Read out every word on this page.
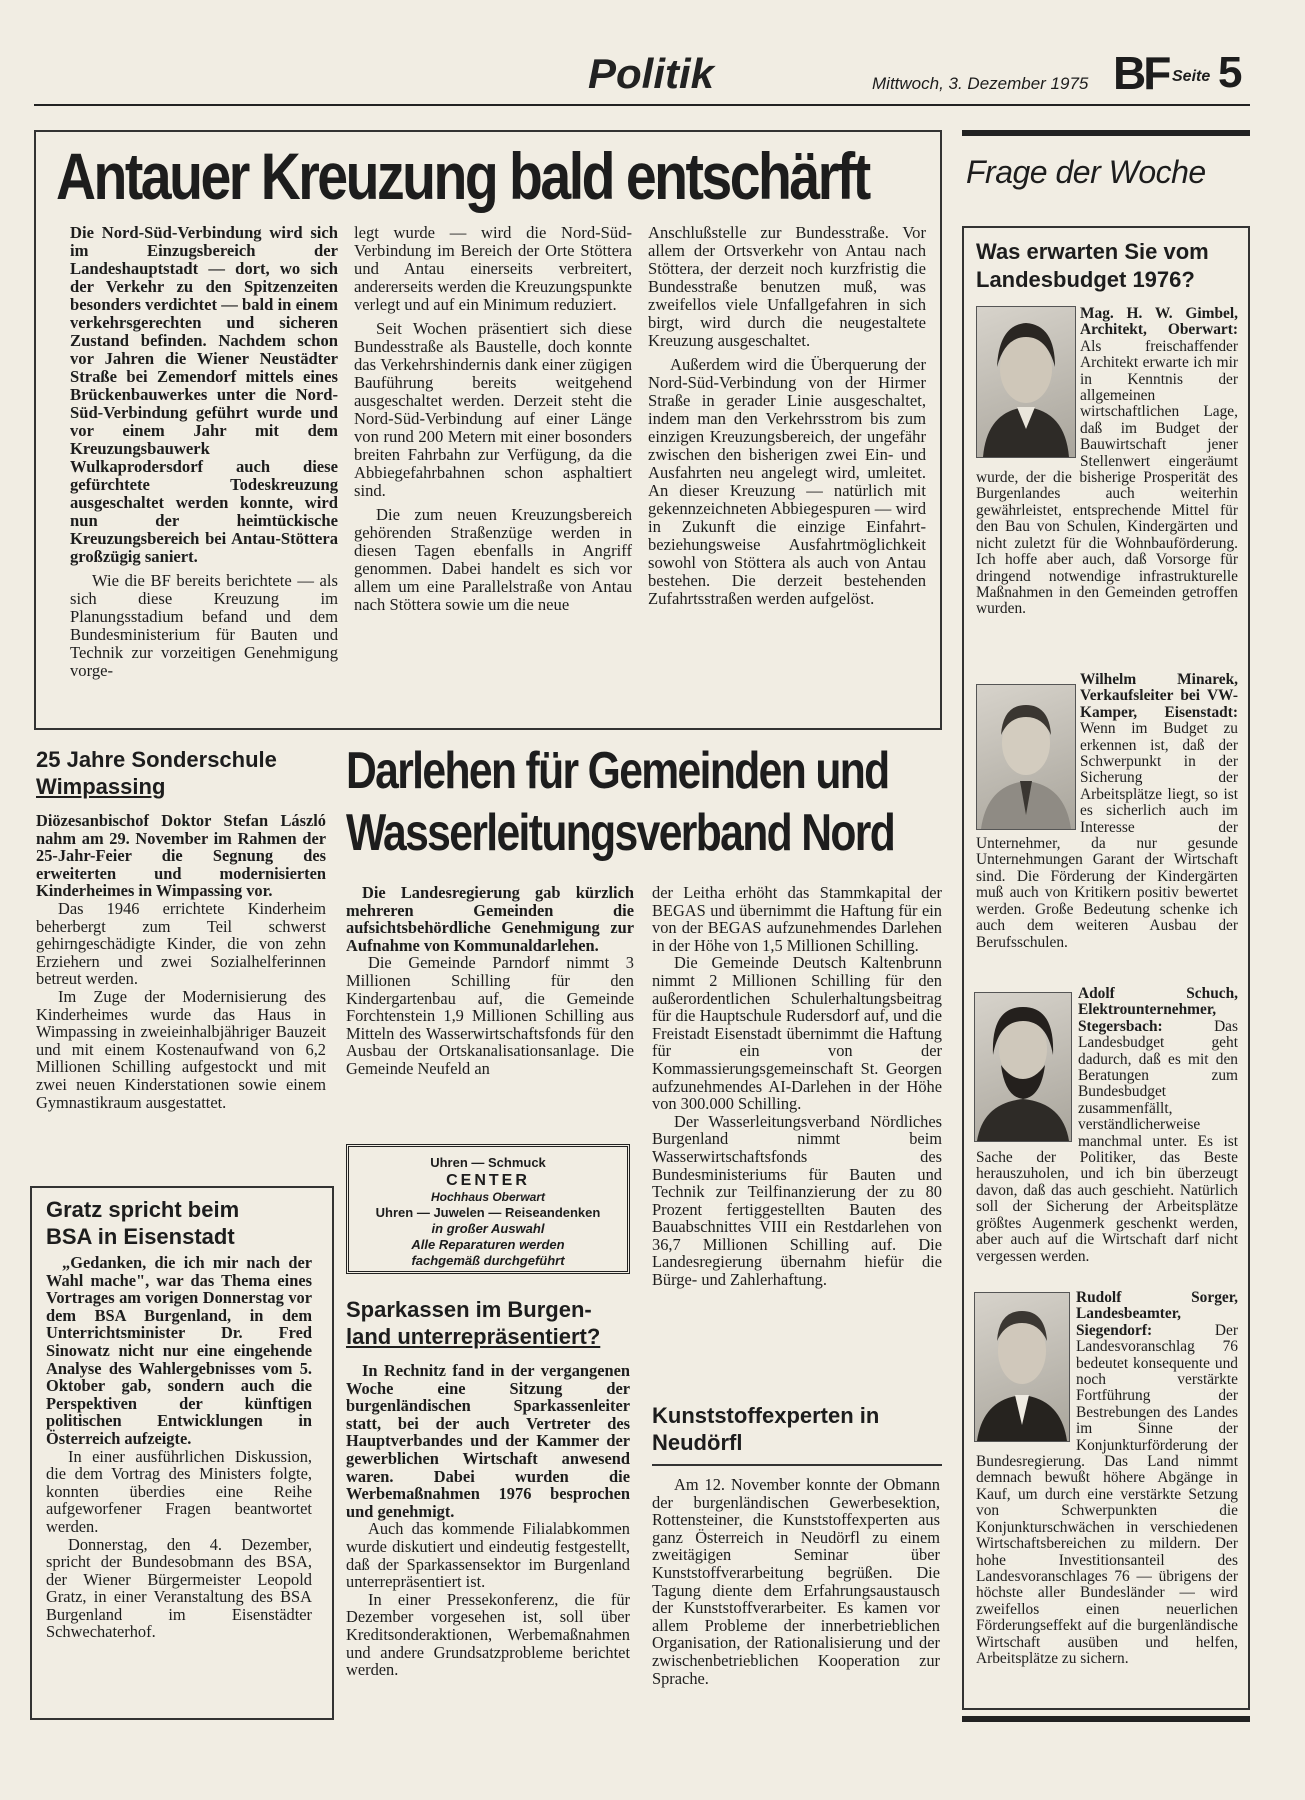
Politik	Mittwoch, 3. Dezember 1975 BF Seite 5
Antauer Kreuzung bald entschärft

Die Nord-Süd-Verbindung wird sich im Einzugsbereich der Landeshauptstadt — dort, wo sich der Verkehr zu den Spitzenzeiten besonders verdichtet — bald in einem verkehrsgerechten und sicheren Zustand befinden. Nachdem schon vor Jahren die Wiener Neustädter Straße bei Zemendorf mittels eines Brückenbauwerkes unter die Nord-Süd-Verbindung geführt wurde und vor einem Jahr mit dem Kreuzungsbauwerk Wulkaprodersdorf auch diese gefürchtete Todeskreuzung ausgeschaltet werden konnte, wird nun der heimtückische Kreuzungsbereich bei Antau-Stöttera großzügig saniert.

Wie die BF bereits berichtete — als sich diese Kreuzung im Planungsstadium befand und dem Bundesministerium für Bauten und Technik zur vorzeitigen Genehmigung vorge-

legt wurde — wird die Nord-Süd-Verbindung im Bereich der Orte Stöttera und Antau einerseits verbreitert, andererseits werden die Kreuzungspunkte verlegt und auf ein Minimum reduziert.

Seit Wochen präsentiert sich diese Bundesstraße als Baustelle, doch konnte das Verkehrshindernis dank einer zügigen Bauführung bereits weitgehend ausgeschaltet werden. Derzeit steht die Nord-Süd-Verbindung auf einer Länge von rund 200 Metern mit einer bosonders breiten Fahrbahn zur Verfügung, da die Abbiegefahrbahnen schon asphaltiert sind.

Die zum neuen Kreuzungsbereich gehörenden Straßenzüge werden in diesen Tagen ebenfalls in Angriff genommen. Dabei handelt es sich vor allem um eine Parallelstraße von Antau nach Stöttera sowie um die neue

Anschlußstelle zur Bundesstraße. Vor allem der Ortsverkehr von Antau nach Stöttera, der derzeit noch kurzfristig die Bundesstraße benutzen muß, was zweifellos viele Unfallgefahren in sich birgt, wird durch die neugestaltete Kreuzung ausgeschaltet.

Außerdem wird die Überquerung der Nord-Süd-Verbindung von der Hirmer Straße in gerader Linie ausgeschaltet, indem man den Verkehrsstrom bis zum einzigen Kreuzungsbereich, der ungefähr zwischen den bisherigen zwei Ein- und Ausfahrten neu angelegt wird, umleitet. An dieser Kreuzung — natürlich mit gekennzeichneten Abbiegespuren — wird in Zukunft die einzige Einfahrt- beziehungsweise Ausfahrtmöglichkeit sowohl von Stöttera als auch von Antau bestehen. Die derzeit bestehenden Zufahrtsstraßen werden aufgelöst.

25 Jahre Sonderschule
Wimpassing

Diözesanbischof Doktor Stefan László nahm am 29. November im Rahmen der 25-Jahr-Feier die Segnung des erweiterten und modernisierten Kinderheimes in Wimpassing vor.

Das 1946 errichtete Kinderheim beherbergt zum Teil schwerst gehirngeschädigte Kinder, die von zehn Erziehern und zwei Sozialhelferinnen betreut werden.

Im Zuge der Modernisierung des Kinderheimes wurde das Haus in Wimpassing in zweieinhalbjähriger Bauzeit und mit einem Kostenaufwand von 6,2 Millionen Schilling aufgestockt und mit zwei neuen Kinderstationen sowie einem Gymnastikraum ausgestattet.

Gratz spricht beim
BSA in Eisenstadt

„Gedanken, die ich mir nach der Wahl mache", war das Thema eines Vortrages am vorigen Donnerstag vor dem BSA Burgenland, in dem Unterrichtsminister Dr. Fred Sinowatz nicht nur eine eingehende Analyse des Wahlergebnisses vom 5. Oktober gab, sondern auch die Perspektiven der künftigen politischen Entwicklungen in Österreich aufzeigte.

In einer ausführlichen Diskussion, die dem Vortrag des Ministers folgte, konnten überdies eine Reihe aufgeworfener Fragen beantwortet werden.

Donnerstag, den 4. Dezember, spricht der Bundesobmann des BSA, der Wiener Bürgermeister Leopold Gratz, in einer Veranstaltung des BSA Burgenland im Eisenstädter Schwechaterhof.

Darlehen für Gemeinden und
Wasserleitungsverband Nord

Die Landesregierung gab kürzlich mehreren Gemeinden die aufsichtsbehördliche Genehmigung zur Aufnahme von Kommunaldarlehen.

Die Gemeinde Parndorf nimmt 3 Millionen Schilling für den Kindergartenbau auf, die Gemeinde Forchtenstein 1,9 Millionen Schilling aus Mitteln des Wasserwirtschaftsfonds für den Ausbau der Ortskanalisationsanlage. Die Gemeinde Neufeld an

der Leitha erhöht das Stammkapital der BEGAS und übernimmt die Haftung für ein von der BEGAS aufzunehmendes Darlehen in der Höhe von 1,5 Millionen Schilling.

Die Gemeinde Deutsch Kaltenbrunn nimmt 2 Millionen Schilling für den außerordentlichen Schulerhaltungsbeitrag für die Hauptschule Rudersdorf auf, und die Freistadt Eisenstadt übernimmt die Haftung für ein von der Kommassierungsgemeinschaft St. Georgen aufzunehmendes AI-Darlehen in der Höhe von 300.000 Schilling.

Der Wasserleitungsverband Nördliches Burgenland nimmt beim Wasserwirtschaftsfonds des Bundesministeriums für Bauten und Technik zur Teilfinanzierung der zu 80 Prozent fertiggestellten Bauten des Bauabschnittes VIII ein Restdarlehen von 36,7 Millionen Schilling auf. Die Landesregierung übernahm hiefür die Bürge- und Zahlerhaftung.

Uhren — Schmuck
CENTER
Hochhaus Oberwart
Uhren — Juwelen — Reiseandenken
in großer Auswahl
Alle Reparaturen werden
fachgemäß durchgeführt
Sparkassen im Burgen-
land unterrepräsentiert?

In Rechnitz fand in der vergangenen Woche eine Sitzung der burgenländischen Sparkassenleiter statt, bei der auch Vertreter des Hauptverbandes und der Kammer der gewerblichen Wirtschaft anwesend waren. Dabei wurden die Werbemaßnahmen 1976 besprochen und genehmigt.

Auch das kommende Filialabkommen wurde diskutiert und eindeutig festgestellt, daß der Sparkassensektor im Burgenland unterrepräsentiert ist.

In einer Pressekonferenz, die für Dezember vorgesehen ist, soll über Kreditsonderaktionen, Werbemaßnahmen und andere Grundsatzprobleme berichtet werden.

Kunststoffexperten in
Neudörfl

Am 12. November konnte der Obmann der burgenländischen Gewerbesektion, Rottensteiner, die Kunststoffexperten aus ganz Österreich in Neudörfl zu einem zweitägigen Seminar über Kunststoffverarbeitung begrüßen. Die Tagung diente dem Erfahrungsaustausch der Kunststoffverarbeiter. Es kamen vor allem Probleme der innerbetrieblichen Organisation, der Rationalisierung und der zwischenbetrieblichen Kooperation zur Sprache.

Frage der Woche
Was erwarten Sie vom
Landesbudget 1976?

Mag. H. W. Gimbel, Architekt, Oberwart: Als freischaffender Architekt erwarte ich mir in Kenntnis der allgemeinen wirtschaftlichen Lage, daß im Budget der Bauwirtschaft jener Stellenwert eingeräumt wurde, der die bisherige Prosperität des Burgenlandes auch weiterhin gewährleistet, entsprechende Mittel für den Bau von Schulen, Kindergärten und nicht zuletzt für die Wohnbauförderung. Ich hoffe aber auch, daß Vorsorge für dringend notwendige infrastrukturelle Maßnahmen in den Gemeinden getroffen wurden.

Wilhelm Minarek, Verkaufsleiter bei VW-Kamper, Eisenstadt: Wenn im Budget zu erkennen ist, daß der Schwerpunkt in der Sicherung der Arbeitsplätze liegt, so ist es sicherlich auch im Interesse der Unternehmer, da nur gesunde Unternehmungen Garant der Wirtschaft sind. Die Förderung der Kindergärten muß auch von Kritikern positiv bewertet werden. Große Bedeutung schenke ich auch dem weiteren Ausbau der Berufsschulen.

Adolf Schuch, Elektrounternehmer, Stegersbach: Das Landesbudget geht dadurch, daß es mit den Beratungen zum Bundesbudget zusammenfällt, verständlicherweise manchmal unter. Es ist Sache der Politiker, das Beste herauszuholen, und ich bin überzeugt davon, daß das auch geschieht. Natürlich soll der Sicherung der Arbeitsplätze größtes Augenmerk geschenkt werden, aber auch auf die Wirtschaft darf nicht vergessen werden.

Rudolf Sorger, Landesbeamter, Siegendorf: Der Landesvoranschlag 76 bedeutet konsequente und noch verstärkte Fortführung der Bestrebungen des Landes im Sinne der Konjunkturförderung der Bundesregierung. Das Land nimmt demnach bewußt höhere Abgänge in Kauf, um durch eine verstärkte Setzung von Schwerpunkten die Konjunkturschwächen in verschiedenen Wirtschaftsbereichen zu mildern. Der hohe Investitionsanteil des Landesvoranschlages 76 — übrigens der höchste aller Bundesländer — wird zweifellos einen neuerlichen Förderungseffekt auf die burgenländische Wirtschaft ausüben und helfen, Arbeitsplätze zu sichern.
